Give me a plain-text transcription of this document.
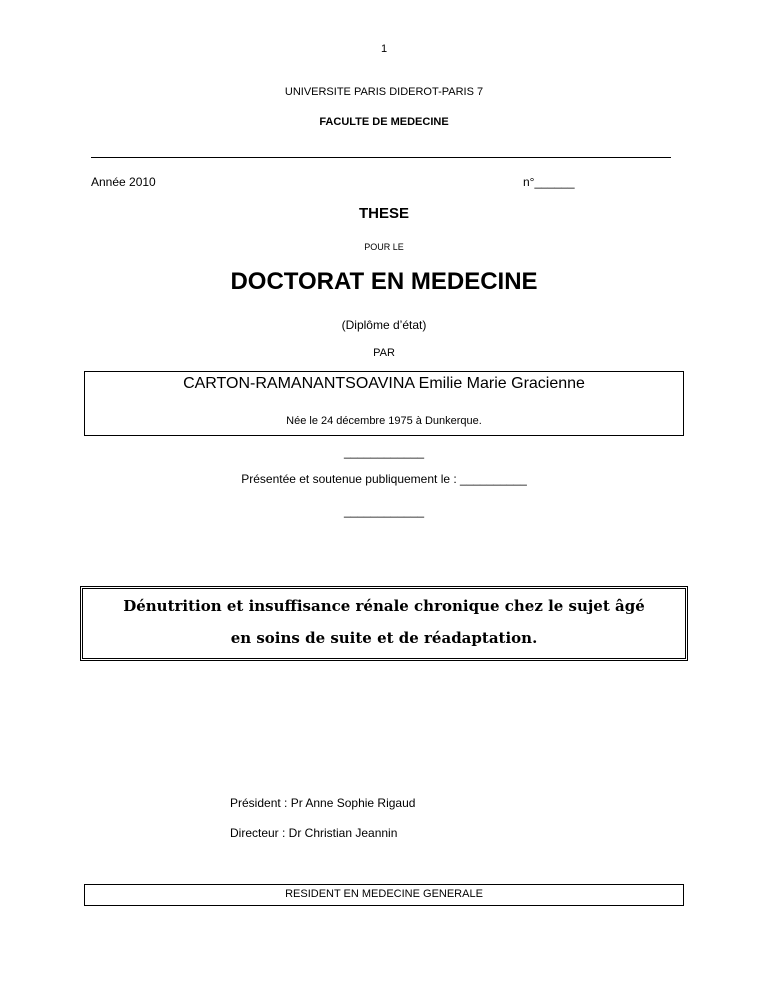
1
UNIVERSITE PARIS DIDEROT-PARIS 7
FACULTE DE MEDECINE
Année 2010	n°______
THESE
POUR LE
DOCTORAT EN MEDECINE
(Diplôme d’état)
PAR
CARTON-RAMANANTSOAVINA Emilie Marie Gracienne
Née le 24 décembre 1975 à Dunkerque.
____________
Présentée et soutenue publiquement le : __________
____________
Dénutrition et insuffisance rénale chronique chez le sujet âgé
en soins de suite et de réadaptation.
Président : Pr Anne Sophie Rigaud
Directeur : Dr Christian Jeannin
RESIDENT EN MEDECINE GENERALE
